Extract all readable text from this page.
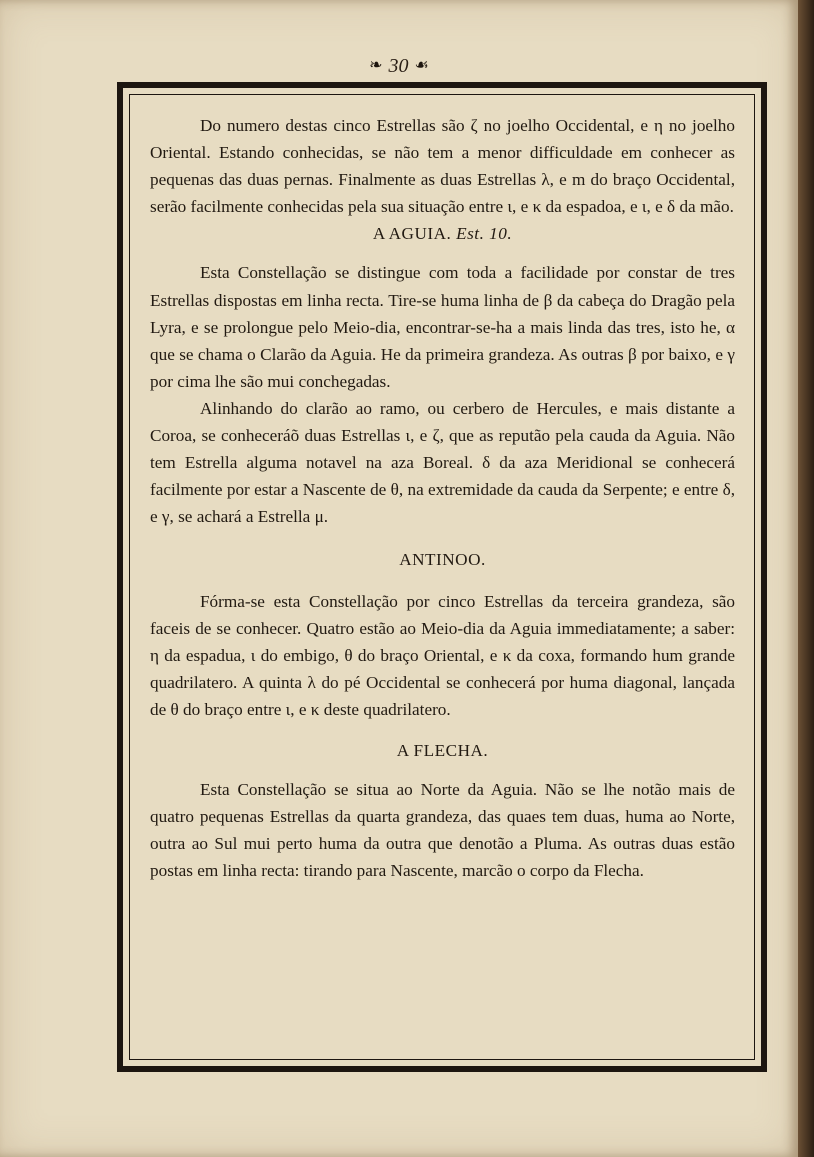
❧ 30 ☙

Do numero destas cinco Estrellas são ζ no joelho Occidental, e η no joelho Oriental. Estando conhecidas, se não tem a menor difficuldade em conhecer as pequenas das duas pernas. Finalmente as duas Estrellas λ, e m do braço Occidental, serão facilmente conhecidas pela sua situação entre ι, e κ da espadoa, e ι, e δ da mão.

A AGUIA. Est. 10.

Esta Constellação se distingue com toda a facilidade por constar de tres Estrellas dispostas em linha recta. Tire-se huma linha de β da cabeça do Dragão pela Lyra, e se prolongue pelo Meio-dia, encontrar-se-ha a mais linda das tres, isto he, α que se chama o Clarão da Aguia. He da primeira grandeza. As outras β por baixo, e γ por cima lhe são mui conchegadas.

Alinhando do clarão ao ramo, ou cerbero de Hercules, e mais distante a Coroa, se conheceráõ duas Estrellas ι, e ζ, que as reputão pela cauda da Aguia. Não tem Estrella alguma notavel na aza Boreal. δ da aza Meridional se conhecerá facilmente por estar a Nascente de θ, na extremidade da cauda da Serpente; e entre δ, e γ, se achará a Estrella μ.

ANTINOO.

Fórma-se esta Constellação por cinco Estrellas da terceira grandeza, são faceis de se conhecer. Quatro estão ao Meio-dia da Aguia immediatamente; a saber: η da espadua, ι do embigo, θ do braço Oriental, e κ da coxa, formando hum grande quadrilatero. A quinta λ do pé Occidental se conhecerá por huma diagonal, lançada de θ do braço entre ι, e κ deste quadrilatero.

A FLECHA.

Esta Constellação se situa ao Norte da Aguia. Não se lhe notão mais de quatro pequenas Estrellas da quarta grandeza, das quaes tem duas, huma ao Norte, outra ao Sul mui perto huma da outra que denotão a Pluma. As outras duas estão postas em linha recta: tirando para Nascente, marcão o corpo da Flecha.
